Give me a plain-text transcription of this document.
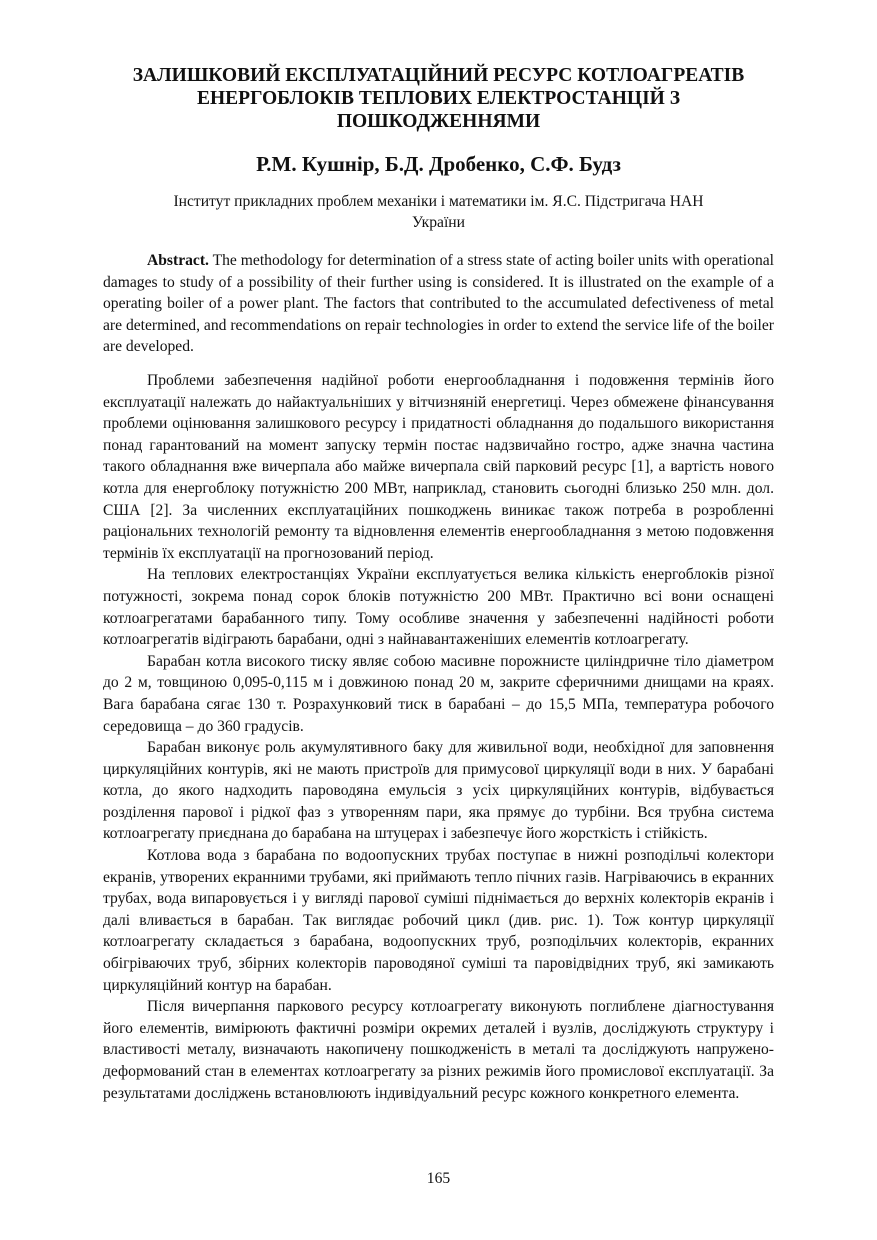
ЗАЛИШКОВИЙ ЕКСПЛУАТАЦІЙНИЙ РЕСУРС КОТЛОАГРЕАТІВ
ЕНЕРГОБЛОКІВ ТЕПЛОВИХ ЕЛЕКТРОСТАНЦІЙ З
ПОШКОДЖЕННЯМИ
Р.М. Кушнір, Б.Д. Дробенко, С.Ф. Будз
Інститут прикладних проблем механіки і математики ім. Я.С. Підстригача НАН
України

Abstract. The methodology for determination of a stress state of acting boiler units with operational damages to study of a possibility of their further using is considered. It is illustrated on the example of a operating boiler of a power plant. The factors that contributed to the accumulated defectiveness of metal are determined, and recommendations on repair technologies in order to extend the service life of the boiler are developed.

Проблеми забезпечення надійної роботи енергообладнання і подовження термінів його експлуатації належать до найактуальніших у вітчизняній енергетиці. Через обмежене фінансування проблеми оцінювання залишкового ресурсу і придатності обладнання до подальшого використання понад гарантований на момент запуску термін постає надзвичайно гостро, адже значна частина такого обладнання вже вичерпала або майже вичерпала свій парковий ресурс [1], а вартість нового котла для енергоблоку потужністю 200 МВт, наприклад, становить сьогодні близько 250 млн. дол. США [2]. За численних експлуатаційних пошкоджень виникає також потреба в розробленні раціональних технологій ремонту та відновлення елементів енергообладнання з метою подовження термінів їх експлуатації на прогнозований період.

На теплових електростанціях України експлуатується велика кількість енергоблоків різної потужності, зокрема понад сорок блоків потужністю 200 МВт. Практично всі вони оснащені котлоагрегатами барабанного типу. Тому особливе значення у забезпеченні надійності роботи котлоагрегатів відіграють барабани, одні з найнавантаженіших елементів котлоагрегату.

Барабан котла високого тиску являє собою масивне порожнисте циліндричне тіло діаметром до 2 м, товщиною 0,095-0,115 м і довжиною понад 20 м, закрите сферичними днищами на краях. Вага барабана сягає 130 т. Розрахунковий тиск в барабані – до 15,5 МПа, температура робочого середовища – до 360 градусів.

Барабан виконує роль акумулятивного баку для живильної води, необхідної для заповнення циркуляційних контурів, які не мають пристроїв для примусової циркуляції води в них. У барабані котла, до якого надходить пароводяна емульсія з усіх циркуляційних контурів, відбувається розділення парової і рідкої фаз з утворенням пари, яка прямує до турбіни. Вся трубна система котлоагрегату приєднана до барабана на штуцерах і забезпечує його жорсткість і стійкість.

Котлова вода з барабана по водоопускних трубах поступає в нижні розподільчі колектори екранів, утворених екранними трубами, які приймають тепло пічних газів. Нагріваючись в екранних трубах, вода випаровується і у вигляді парової суміші піднімається до верхніх колекторів екранів і далі вливається в барабан. Так виглядає робочий цикл (див. рис. 1). Тож контур циркуляції котлоагрегату складається з барабана, водоопускних труб, розподільчих колекторів, екранних обігріваючих труб, збірних колекторів пароводяної суміші та паровідвідних труб, які замикають циркуляційний контур на барабан.

Після вичерпання паркового ресурсу котлоагрегату виконують поглиблене діагностування його елементів, вимірюють фактичні розміри окремих деталей і вузлів, досліджують структуру і властивості металу, визначають накопичену пошкодженість в металі та досліджують напружено-деформований стан в елементах котлоагрегату за різних режимів його промислової експлуатації. За результатами досліджень встановлюють індивідуальний ресурс кожного конкретного елемента.

165
